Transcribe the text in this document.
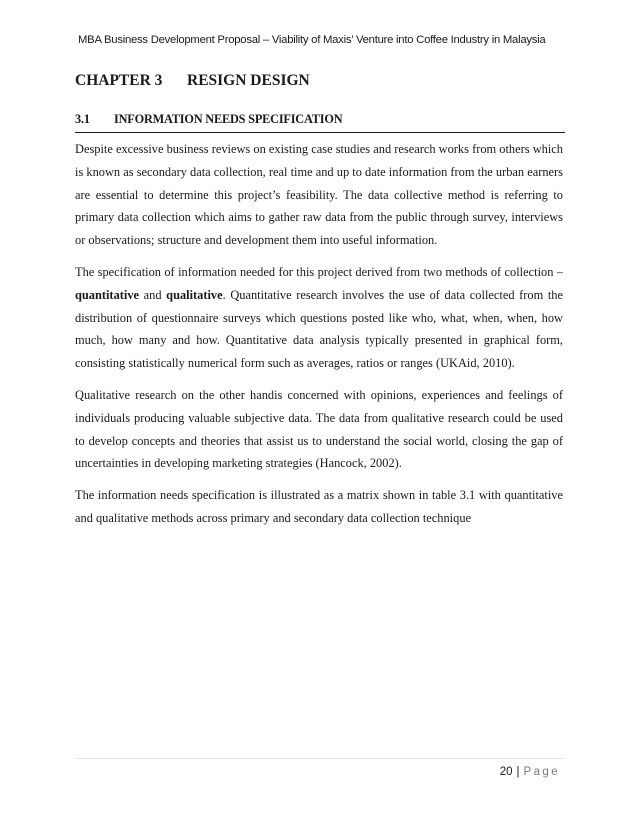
MBA Business Development Proposal – Viability of Maxis’ Venture into Coffee Industry in Malaysia
CHAPTER 3 RESIGN DESIGN
3.1 INFORMATION NEEDS SPECIFICATION

Despite excessive business reviews on existing case studies and research works from others which is known as secondary data collection, real time and up to date information from the urban earners are essential to determine this project’s feasibility. The data collective method is referring to primary data collection which aims to gather raw data from the public through survey, interviews or observations; structure and development them into useful information.

The specification of information needed for this project derived from two methods of collection – quantitative and qualitative. Quantitative research involves the use of data collected from the distribution of questionnaire surveys which questions posted like who, what, when, when, how much, how many and how. Quantitative data analysis typically presented in graphical form, consisting statistically numerical form such as averages, ratios or ranges (UKAid, 2010).

Qualitative research on the other handis concerned with opinions, experiences and feelings of individuals producing valuable subjective data. The data from qualitative research could be used to develop concepts and theories that assist us to understand the social world, closing the gap of uncertainties in developing marketing strategies (Hancock, 2002).

The information needs specification is illustrated as a matrix shown in table 3.1 with quantitative and qualitative methods across primary and secondary data collection technique

20 | Page
